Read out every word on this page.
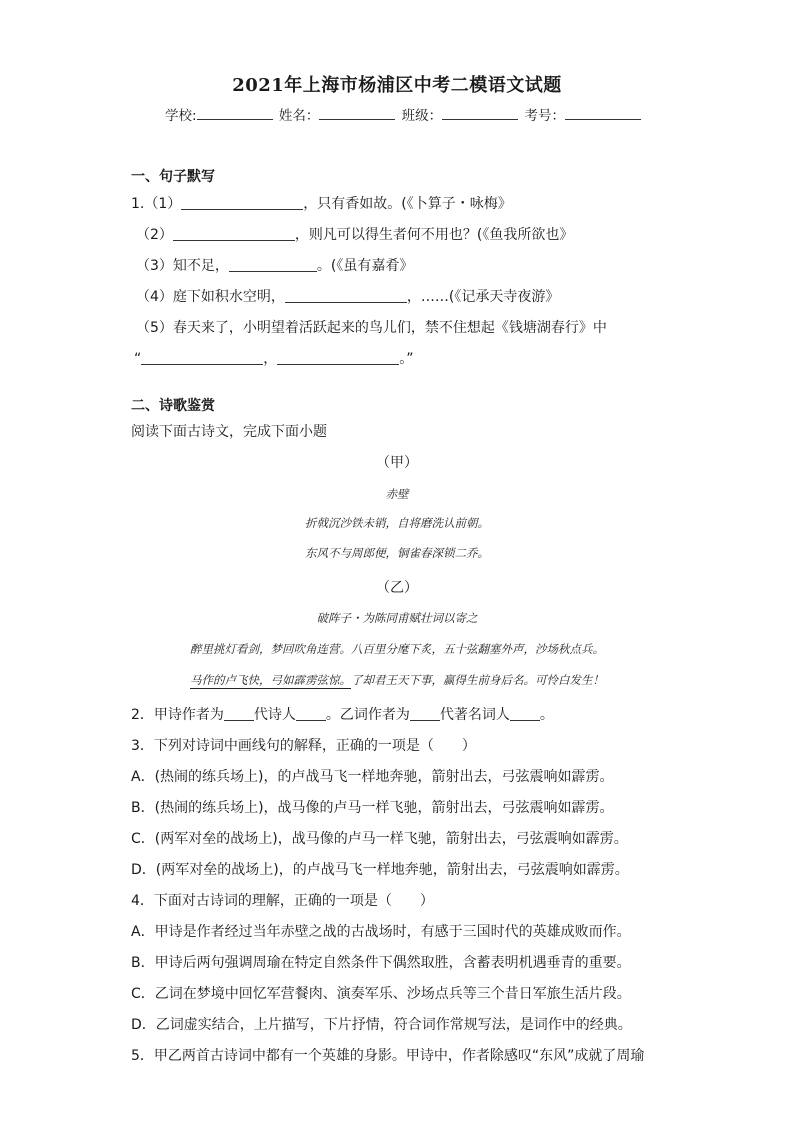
2021年上海市杨浦区中考二模语文试题
学校:	姓名：	班级：	考号：
一、句子默写
1.（1）	，只有香如故。(《卜算子・咏梅》
（2）	，则凡可以得生者何不用也？(《鱼我所欲也》
（3）知不足，	。(《虽有嘉肴》
（4）庭下如积水空明，	，……(《记承天寺夜游》
（5）春天来了，小明望着活跃起来的鸟儿们，禁不住想起《钱塘湖春行》中
“	，	。”
二、诗歌鉴赏
阅读下面古诗文，完成下面小题
（甲）
赤壁
折戟沉沙铁未销，自将磨洗认前朝。
东风不与周郎便，铜雀春深锁二乔。
（乙）
破阵子・为陈同甫赋壮词以寄之
醉里挑灯看剑，梦回吹角连营。八百里分麾下炙，五十弦翻塞外声，沙场秋点兵。
马作的卢飞快，弓如霹雳弦惊。了却君王天下事，赢得生前身后名。可怜白发生！
2．甲诗作者为 代诗人 。乙词作者为 代著名词人 。
3．下列对诗词中画线句的解释，正确的一项是（　　）
A．(热闹的练兵场上)，的卢战马飞一样地奔驰，箭射出去，弓弦震响如霹雳。
B．(热闹的练兵场上)，战马像的卢马一样飞驰，箭射出去，弓弦震响如霹雳。
C．(两军对垒的战场上)，战马像的卢马一样飞驰，箭射出去，弓弦震响如霹雳。
D．(两军对垒的战场上)，的卢战马飞一样地奔驰，箭射出去，弓弦震响如霹雳。
4．下面对古诗词的理解，正确的一项是（　　）
A．甲诗是作者经过当年赤壁之战的古战场时，有感于三国时代的英雄成败而作。
B．甲诗后两句强调周瑜在特定自然条件下偶然取胜，含蓄表明机遇垂青的重要。
C．乙词在梦境中回忆军营餐肉、演奏军乐、沙场点兵等三个昔日军旅生活片段。
D．乙词虚实结合，上片描写，下片抒情，符合词作常规写法，是词作中的经典。
5．甲乙两首古诗词中都有一个英雄的身影。甲诗中，作者除感叹“东风”成就了周瑜
